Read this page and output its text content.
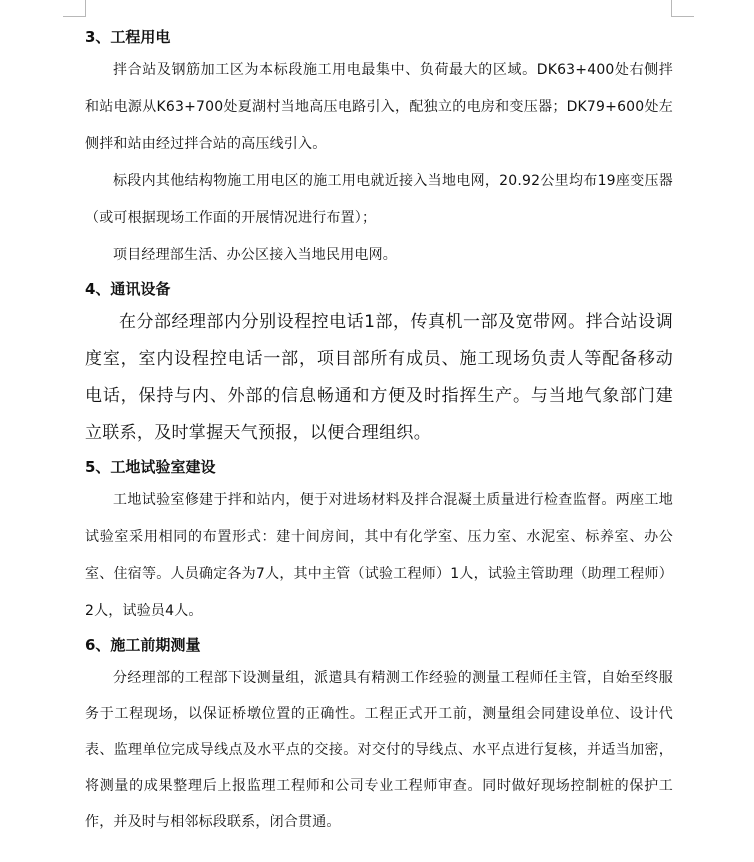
3、工程用电

拌合站及钢筋加工区为本标段施工用电最集中、负荷最大的区域。DK63+400处右侧拌和站电源从K63+700处夏湖村当地高压电路引入，配独立的电房和变压器；DK79+600处左侧拌和站由经过拌合站的高压线引入。

标段内其他结构物施工用电区的施工用电就近接入当地电网，20.92公里均布19座变压器（或可根据现场工作面的开展情况进行布置）；

项目经理部生活、办公区接入当地民用电网。

4、通讯设备

在分部经理部内分别设程控电话1部，传真机一部及宽带网。拌合站设调度室，室内设程控电话一部，项目部所有成员、施工现场负责人等配备移动电话，保持与内、外部的信息畅通和方便及时指挥生产。与当地气象部门建立联系，及时掌握天气预报，以便合理组织。

5、工地试验室建设

工地试验室修建于拌和站内，便于对进场材料及拌合混凝土质量进行检查监督。两座工地试验室采用相同的布置形式：建十间房间，其中有化学室、压力室、水泥室、标养室、办公室、住宿等。人员确定各为7人，其中主管（试验工程师）1人，试验主管助理（助理工程师）2人，试验员4人。

6、施工前期测量

分经理部的工程部下设测量组，派遣具有精测工作经验的测量工程师任主管，自始至终服务于工程现场，以保证桥墩位置的正确性。工程正式开工前，测量组会同建设单位、设计代表、监理单位完成导线点及水平点的交接。对交付的导线点、水平点进行复核，并适当加密，将测量的成果整理后上报监理工程师和公司专业工程师审查。同时做好现场控制桩的保护工作，并及时与相邻标段联系，闭合贯通。
